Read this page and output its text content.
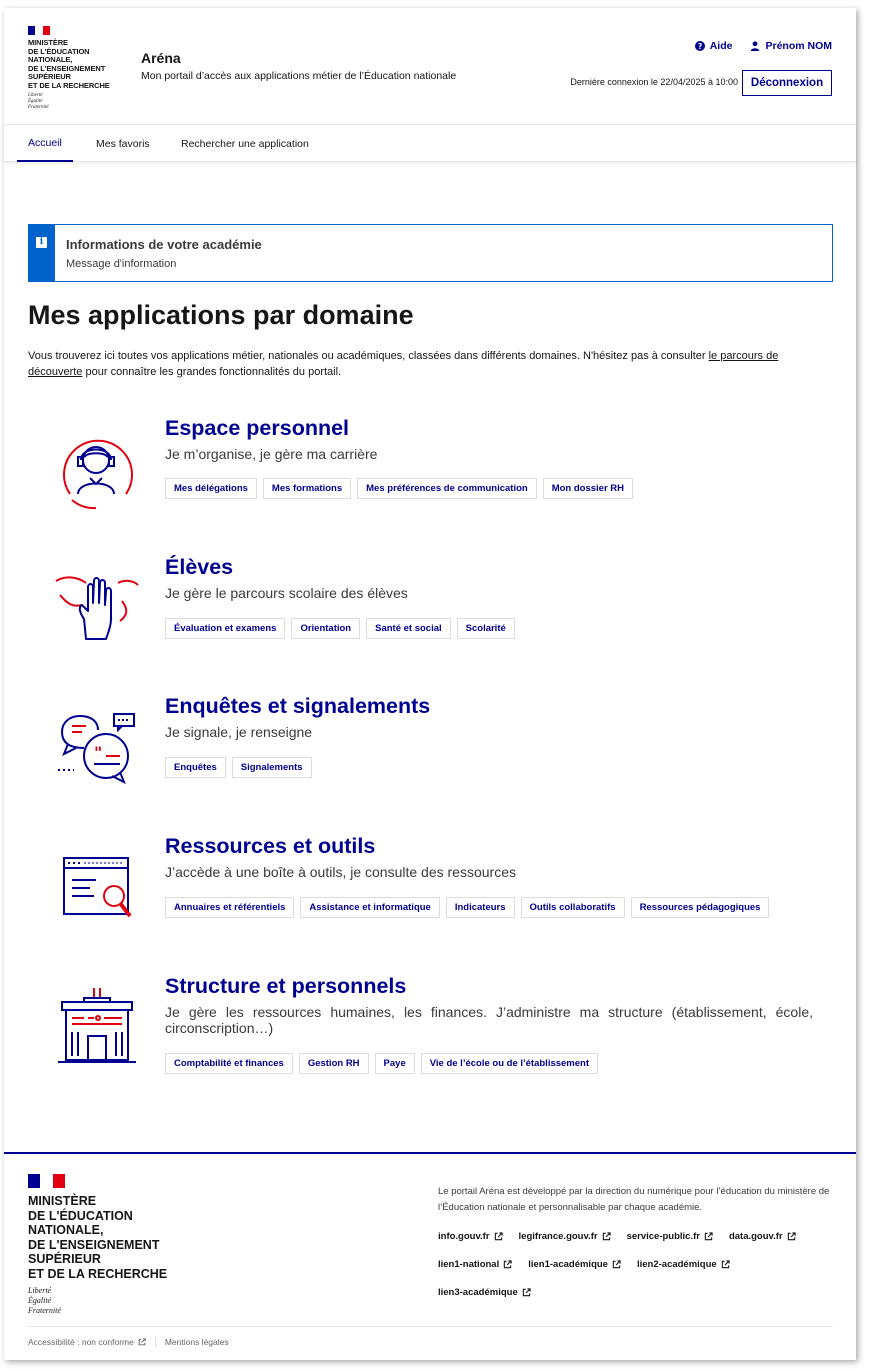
MINISTÈRE
DE L'ÉDUCATION
NATIONALE,
DE L'ENSEIGNEMENT
SUPÉRIEUR
ET DE LA RECHERCHE
Liberté
Égalité
Fraternité
Aréna
Mon portail d’accès aux applications métier de l’Éducation nationale
? Aide	Prénom NOM
Dernière connexion le 22/04/2025 à 10:00	Déconnexion
Accueil	Mes favoris	Rechercher une application
i Informations de votre académie
Message d'information
Mes applications par domaine
Vous trouverez ici toutes vos applications métier, nationales ou académiques, classées dans différents domaines. N'hésitez pas à consulter le parcours de découverte pour connaître les grandes fonctionnalités du portail.
Espace personnel
Je m’organise, je gère ma carrière
Mes délégations	Mes formations	Mes préférences de communication	Mon dossier RH
Élèves
Je gère le parcours scolaire des élèves
Évaluation et examens	Orientation	Santé et social	Scolarité
"
Enquêtes et signalements
Je signale, je renseigne
Enquêtes	Signalements
Ressources et outils
J’accède à une boîte à outils, je consulte des ressources
Annuaires et référentiels	Assistance et informatique	Indicateurs	Outils collaboratifs	Ressources pédagogiques
Structure et personnels
Je gère les ressources humaines, les finances. J’administre ma structure (établissement, école, circonscription…)
Comptabilité et finances	Gestion RH	Paye	Vie de l’école ou de l’établissement
MINISTÈRE
DE L'ÉDUCATION
NATIONALE,
DE L'ENSEIGNEMENT
SUPÉRIEUR
ET DE LA RECHERCHE
Liberté
Égalité
Fraternité
Le portail Aréna est développé par la direction du numérique pour l’éducation du ministère de l’Éducation nationale et personnalisable par chaque académie.
info.gouv.fr	legifrance.gouv.fr	service-public.fr	data.gouv.fr
lien1-national	lien1-académique	lien2-académique
lien3-académique
Accessibilité : non conforme	Mentions légales
